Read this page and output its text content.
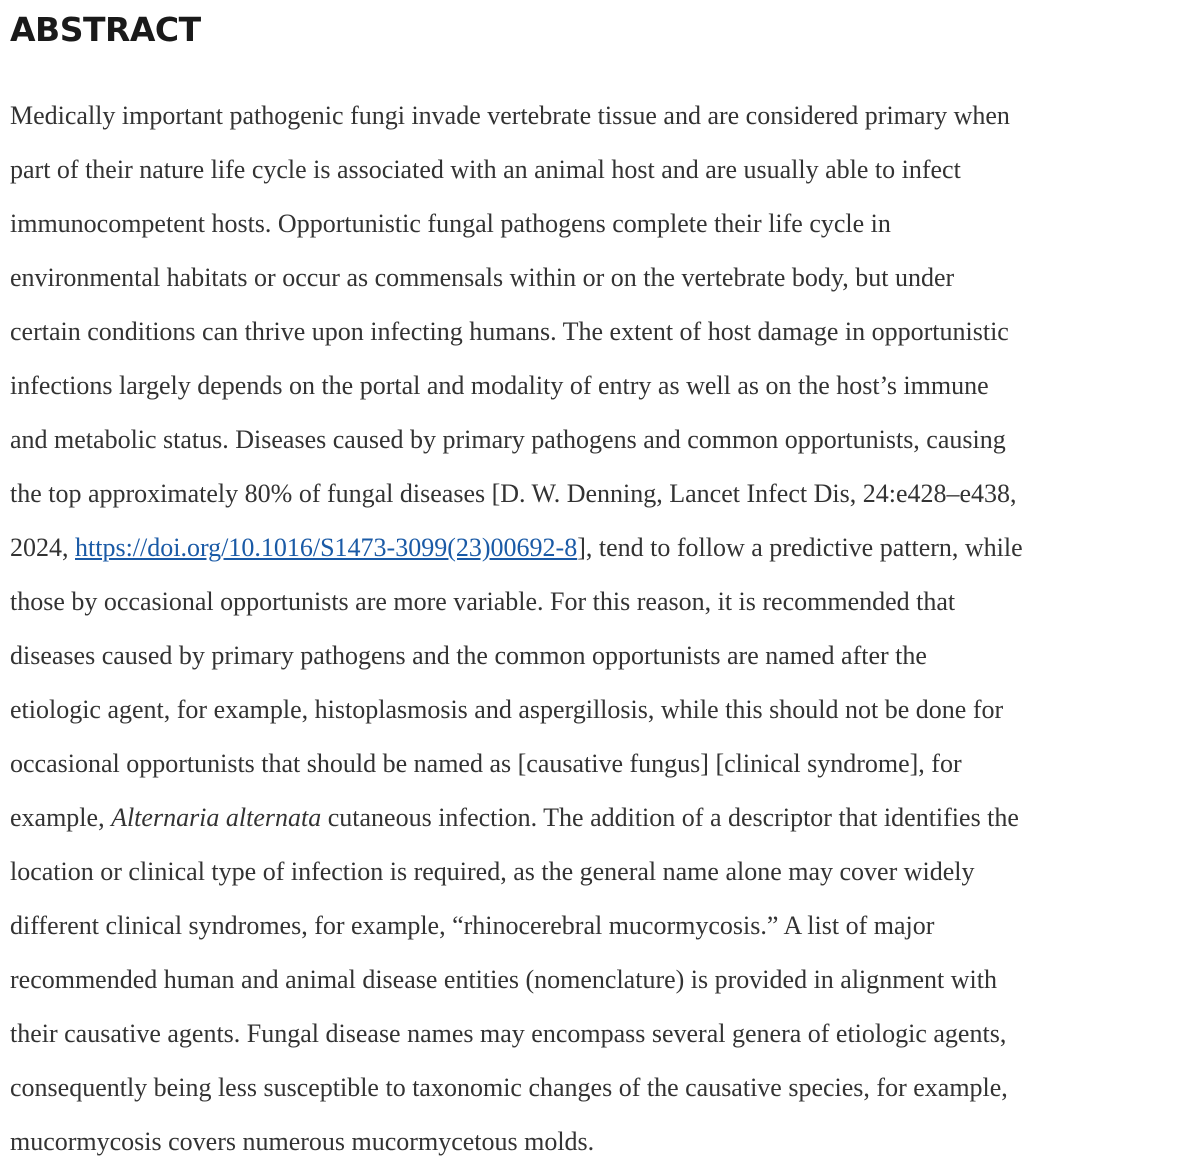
ABSTRACT

Medically important pathogenic fungi invade vertebrate tissue and are considered primary when
part of their nature life cycle is associated with an animal host and are usually able to infect
immunocompetent hosts. Opportunistic fungal pathogens complete their life cycle in
environmental habitats or occur as commensals within or on the vertebrate body, but under
certain conditions can thrive upon infecting humans. The extent of host damage in opportunistic
infections largely depends on the portal and modality of entry as well as on the host’s immune
and metabolic status. Diseases caused by primary pathogens and common opportunists, causing
the top approximately 80% of fungal diseases [D. W. Denning, Lancet Infect Dis, 24:e428–e438,
2024, https://doi.org/10.1016/S1473-3099(23)00692-8], tend to follow a predictive pattern, while
those by occasional opportunists are more variable. For this reason, it is recommended that
diseases caused by primary pathogens and the common opportunists are named after the
etiologic agent, for example, histoplasmosis and aspergillosis, while this should not be done for
occasional opportunists that should be named as [causative fungus] [clinical syndrome], for
example, Alternaria alternata cutaneous infection. The addition of a descriptor that identifies the
location or clinical type of infection is required, as the general name alone may cover widely
different clinical syndromes, for example, “rhinocerebral mucormycosis.” A list of major
recommended human and animal disease entities (nomenclature) is provided in alignment with
their causative agents. Fungal disease names may encompass several genera of etiologic agents,
consequently being less susceptible to taxonomic changes of the causative species, for example,
mucormycosis covers numerous mucormycetous molds.
